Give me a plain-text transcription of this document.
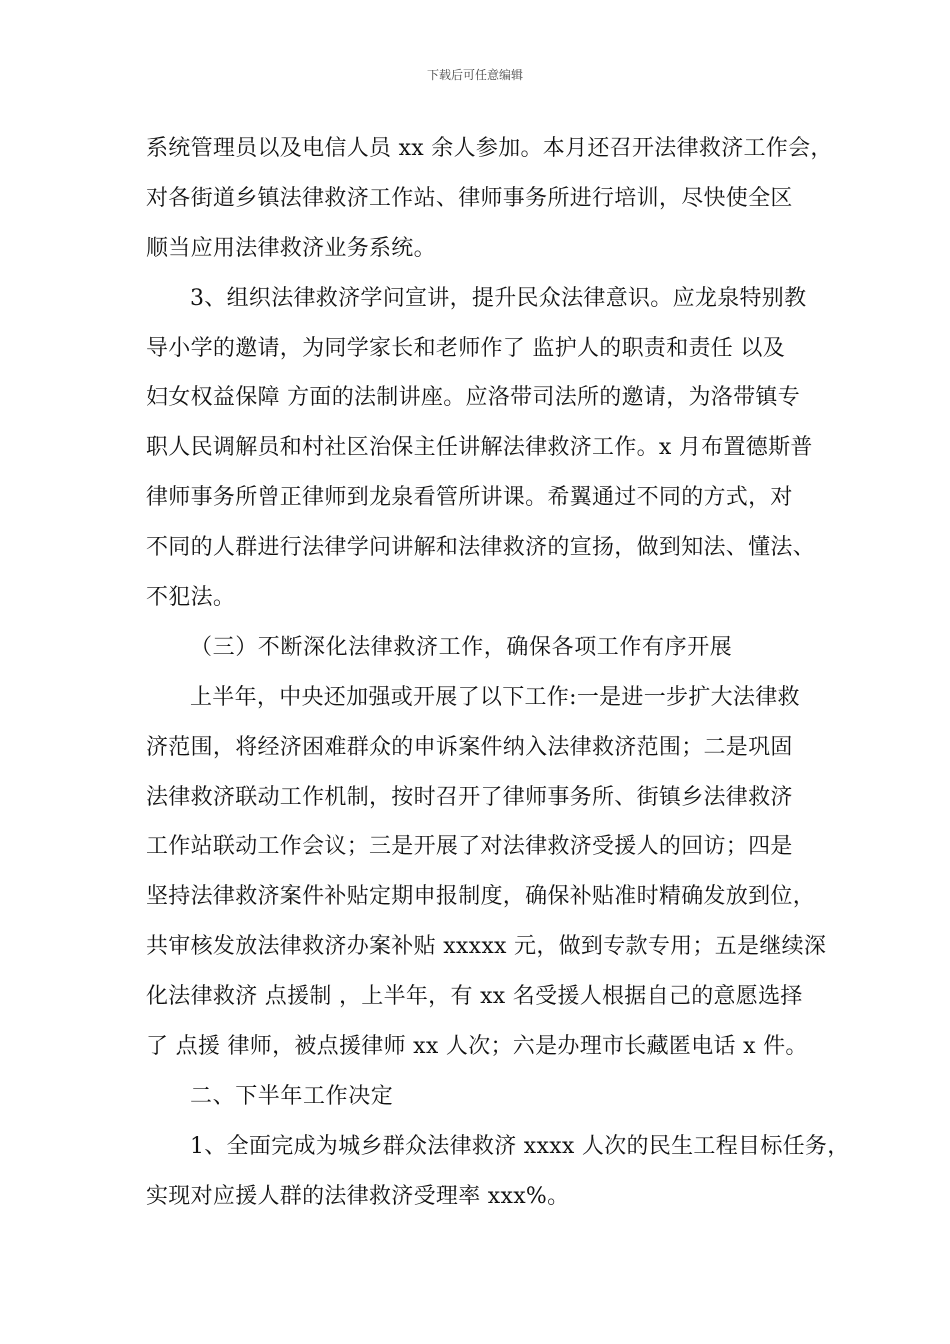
下载后可任意编辑
系统管理员以及电信人员 xx 余人参加。本月还召开法律救济工作会，
对各街道乡镇法律救济工作站、律师事务所进行培训，尽快使全区
顺当应用法律救济业务系统。
3、组织法律救济学问宣讲，提升民众法律意识。应龙泉特别教
导小学的邀请，为同学家长和老师作了 监护人的职责和责任 以及
妇女权益保障 方面的法制讲座。应洛带司法所的邀请，为洛带镇专
职人民调解员和村社区治保主任讲解法律救济工作。x 月布置德斯普
律师事务所曾正律师到龙泉看管所讲课。希翼通过不同的方式，对
不同的人群进行法律学问讲解和法律救济的宣扬，做到知法、懂法、
不犯法。
（三）不断深化法律救济工作，确保各项工作有序开展
上半年，中央还加强或开展了以下工作:一是进一步扩大法律救
济范围，将经济困难群众的申诉案件纳入法律救济范围；二是巩固
法律救济联动工作机制，按时召开了律师事务所、街镇乡法律救济
工作站联动工作会议；三是开展了对法律救济受援人的回访；四是
坚持法律救济案件补贴定期申报制度，确保补贴准时精确发放到位，
共审核发放法律救济办案补贴 xxxxx 元，做到专款专用；五是继续深
化法律救济 点援制 ，上半年，有 xx 名受援人根据自己的意愿选择
了 点援 律师，被点援律师 xx 人次；六是办理市长藏匿电话 x 件。
二、下半年工作决定
1、全面完成为城乡群众法律救济 xxxx 人次的民生工程目标任务，
实现对应援人群的法律救济受理率 xxx%。
